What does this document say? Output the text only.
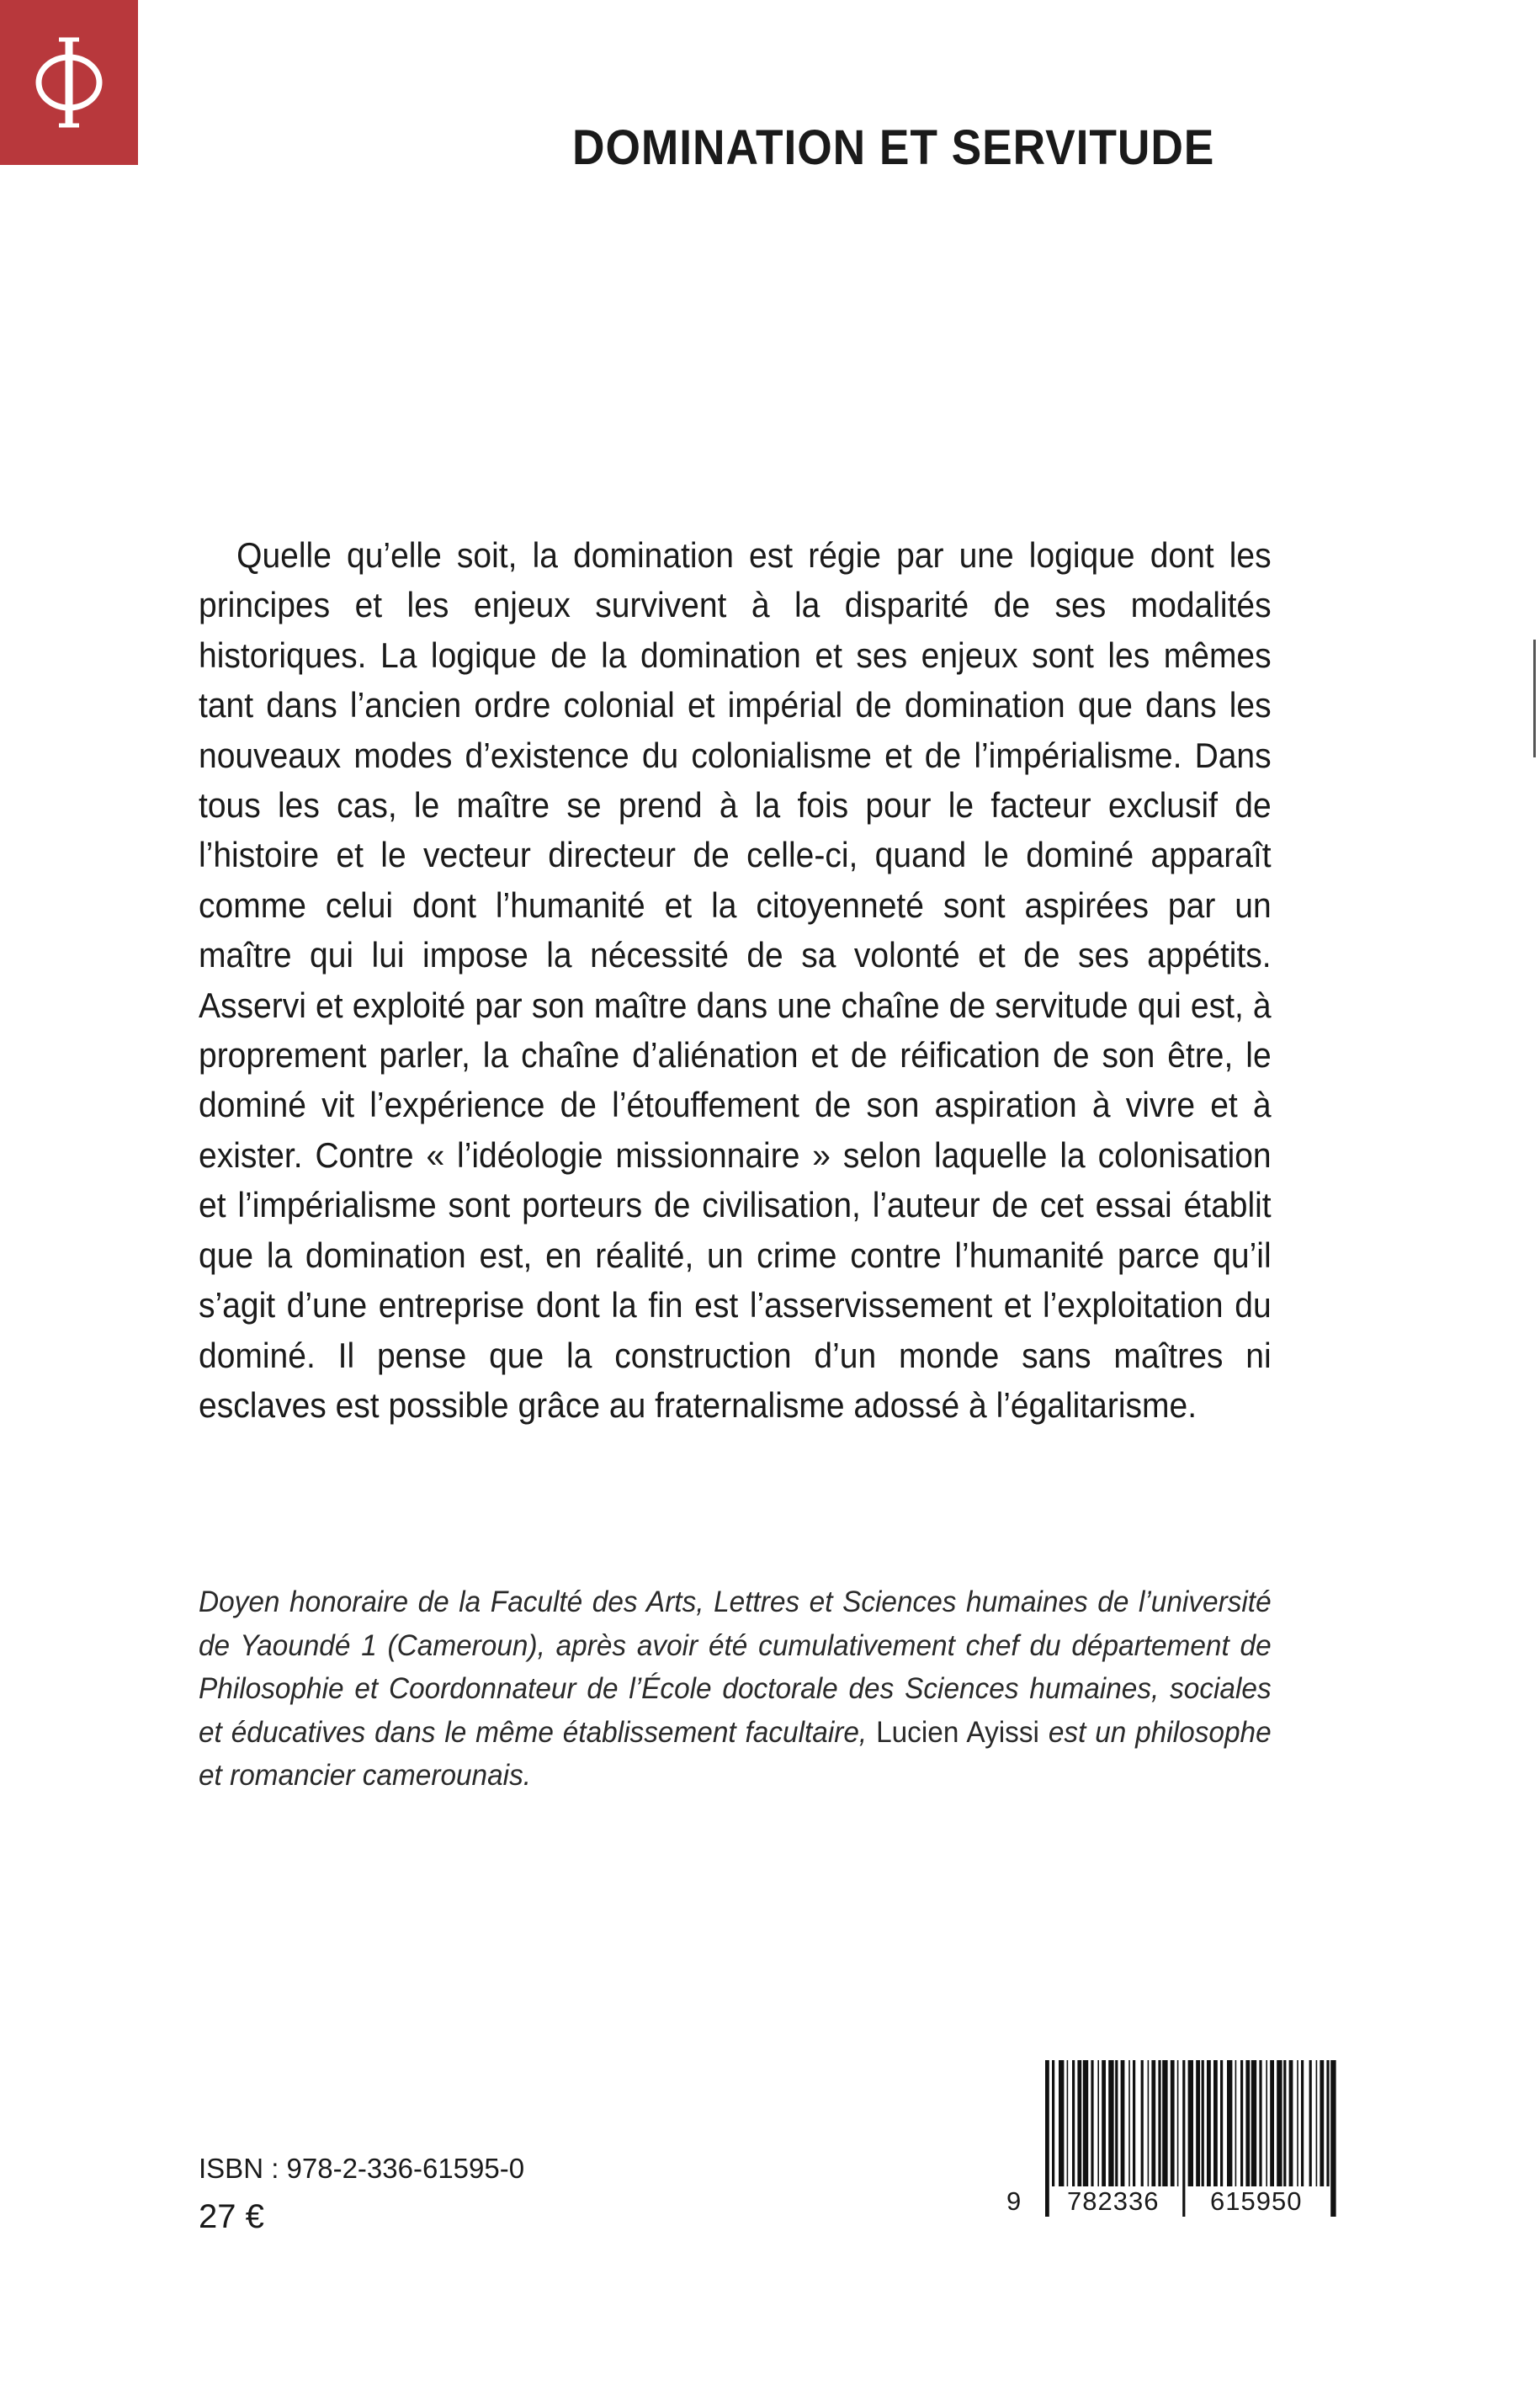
DOMINATION ET SERVITUDE

Quelle qu’elle soit, la domination est régie par une logique dont les principes et les enjeux survivent à la disparité de ses modalités historiques. La logique de la domination et ses enjeux sont les mêmes tant dans l’ancien ordre colonial et impérial de domination que dans les nouveaux modes d’existence du colonialisme et de l’impérialisme. Dans tous les cas, le maître se prend à la fois pour le facteur exclusif de l’histoire et le vecteur directeur de celle-ci, quand le dominé apparaît comme celui dont l’humanité et la citoyenneté sont aspirées par un maître qui lui impose la nécessité de sa volonté et de ses appétits. Asservi et exploité par son maître dans une chaîne de servitude qui est, à proprement parler, la chaîne d’aliénation et de réification de son être, le dominé vit l’expérience de l’étouffement de son aspiration à vivre et à exister. Contre « l’idéologie missionnaire » selon laquelle la colonisation et l’impérialisme sont porteurs de civilisation, l’auteur de cet essai établit que la domination est, en réalité, un crime contre l’humanité parce qu’il s’agit d’une entreprise dont la fin est l’asservissement et l’exploitation du dominé. Il pense que la construction d’un monde sans maîtres ni esclaves est possible grâce au fraternalisme adossé à l’égalitarisme.

Doyen honoraire de la Faculté des Arts, Lettres et Sciences humaines de l’université de Yaoundé 1 (Cameroun), après avoir été cumulativement chef du département de Philosophie et Coordonnateur de l’École doctorale des Sciences humaines, sociales et éducatives dans le même établissement facultaire, Lucien Ayissi est un philosophe et romancier camerounais.

ISBN : 978-2-336-61595-0
27 €	9 782336 615950
